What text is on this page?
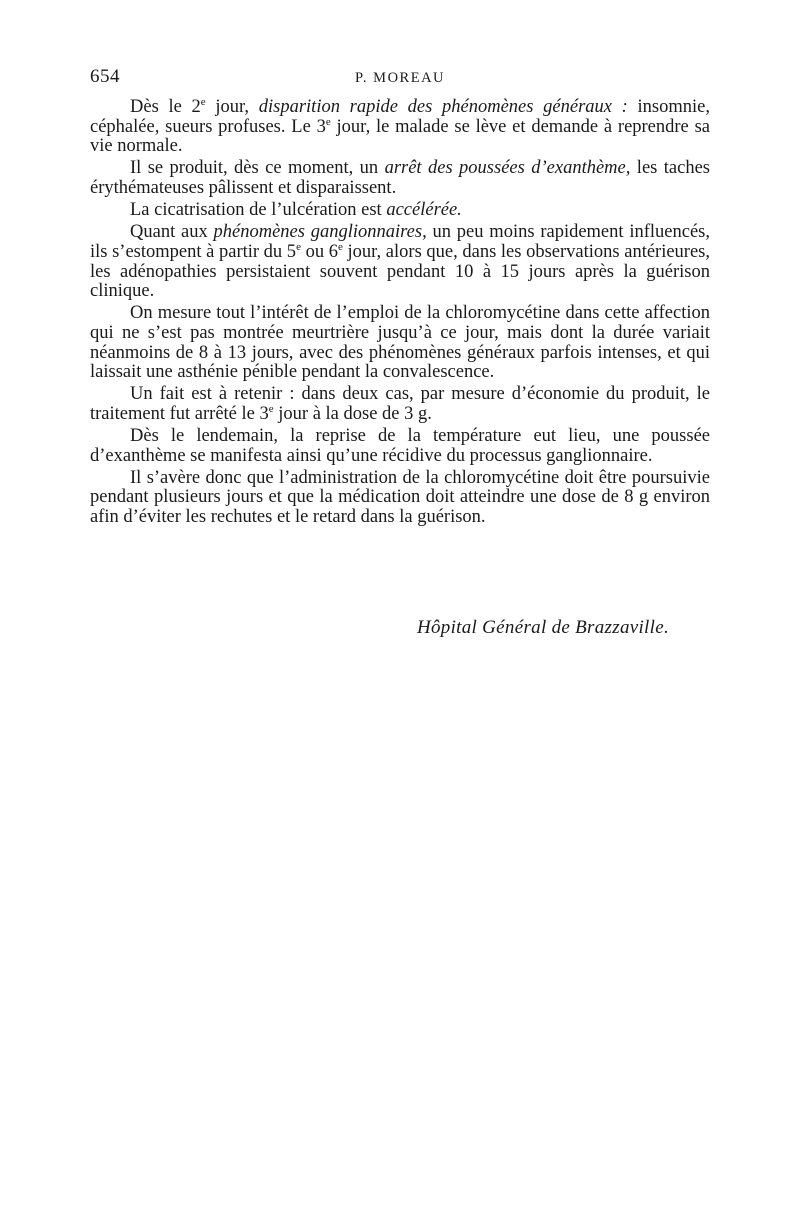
654	P. MOREAU

Dès le 2e jour, disparition rapide des phénomènes généraux : insomnie, céphalée, sueurs profuses. Le 3e jour, le malade se lève et demande à reprendre sa vie normale.

Il se produit, dès ce moment, un arrêt des poussées d’exanthème, les taches érythémateuses pâlissent et disparaissent.

La cicatrisation de l’ulcération est accélérée.

Quant aux phénomènes ganglionnaires, un peu moins rapidement influencés, ils s’estompent à partir du 5e ou 6e jour, alors que, dans les observations antérieures, les adénopathies persistaient souvent pendant 10 à 15 jours après la guérison clinique.

On mesure tout l’intérêt de l’emploi de la chloromycétine dans cette affection qui ne s’est pas montrée meurtrière jusqu’à ce jour, mais dont la durée variait néanmoins de 8 à 13 jours, avec des phénomènes généraux parfois intenses, et qui laissait une asthénie pénible pendant la convalescence.

Un fait est à retenir : dans deux cas, par mesure d’économie du produit, le traitement fut arrêté le 3e jour à la dose de 3 g.

Dès le lendemain, la reprise de la température eut lieu, une poussée d’exanthème se manifesta ainsi qu’une récidive du processus ganglionnaire.

Il s’avère donc que l’administration de la chloromycétine doit être poursuivie pendant plusieurs jours et que la médication doit atteindre une dose de 8 g environ afin d’éviter les rechutes et le retard dans la guérison.

Hôpital Général de Brazzaville.
